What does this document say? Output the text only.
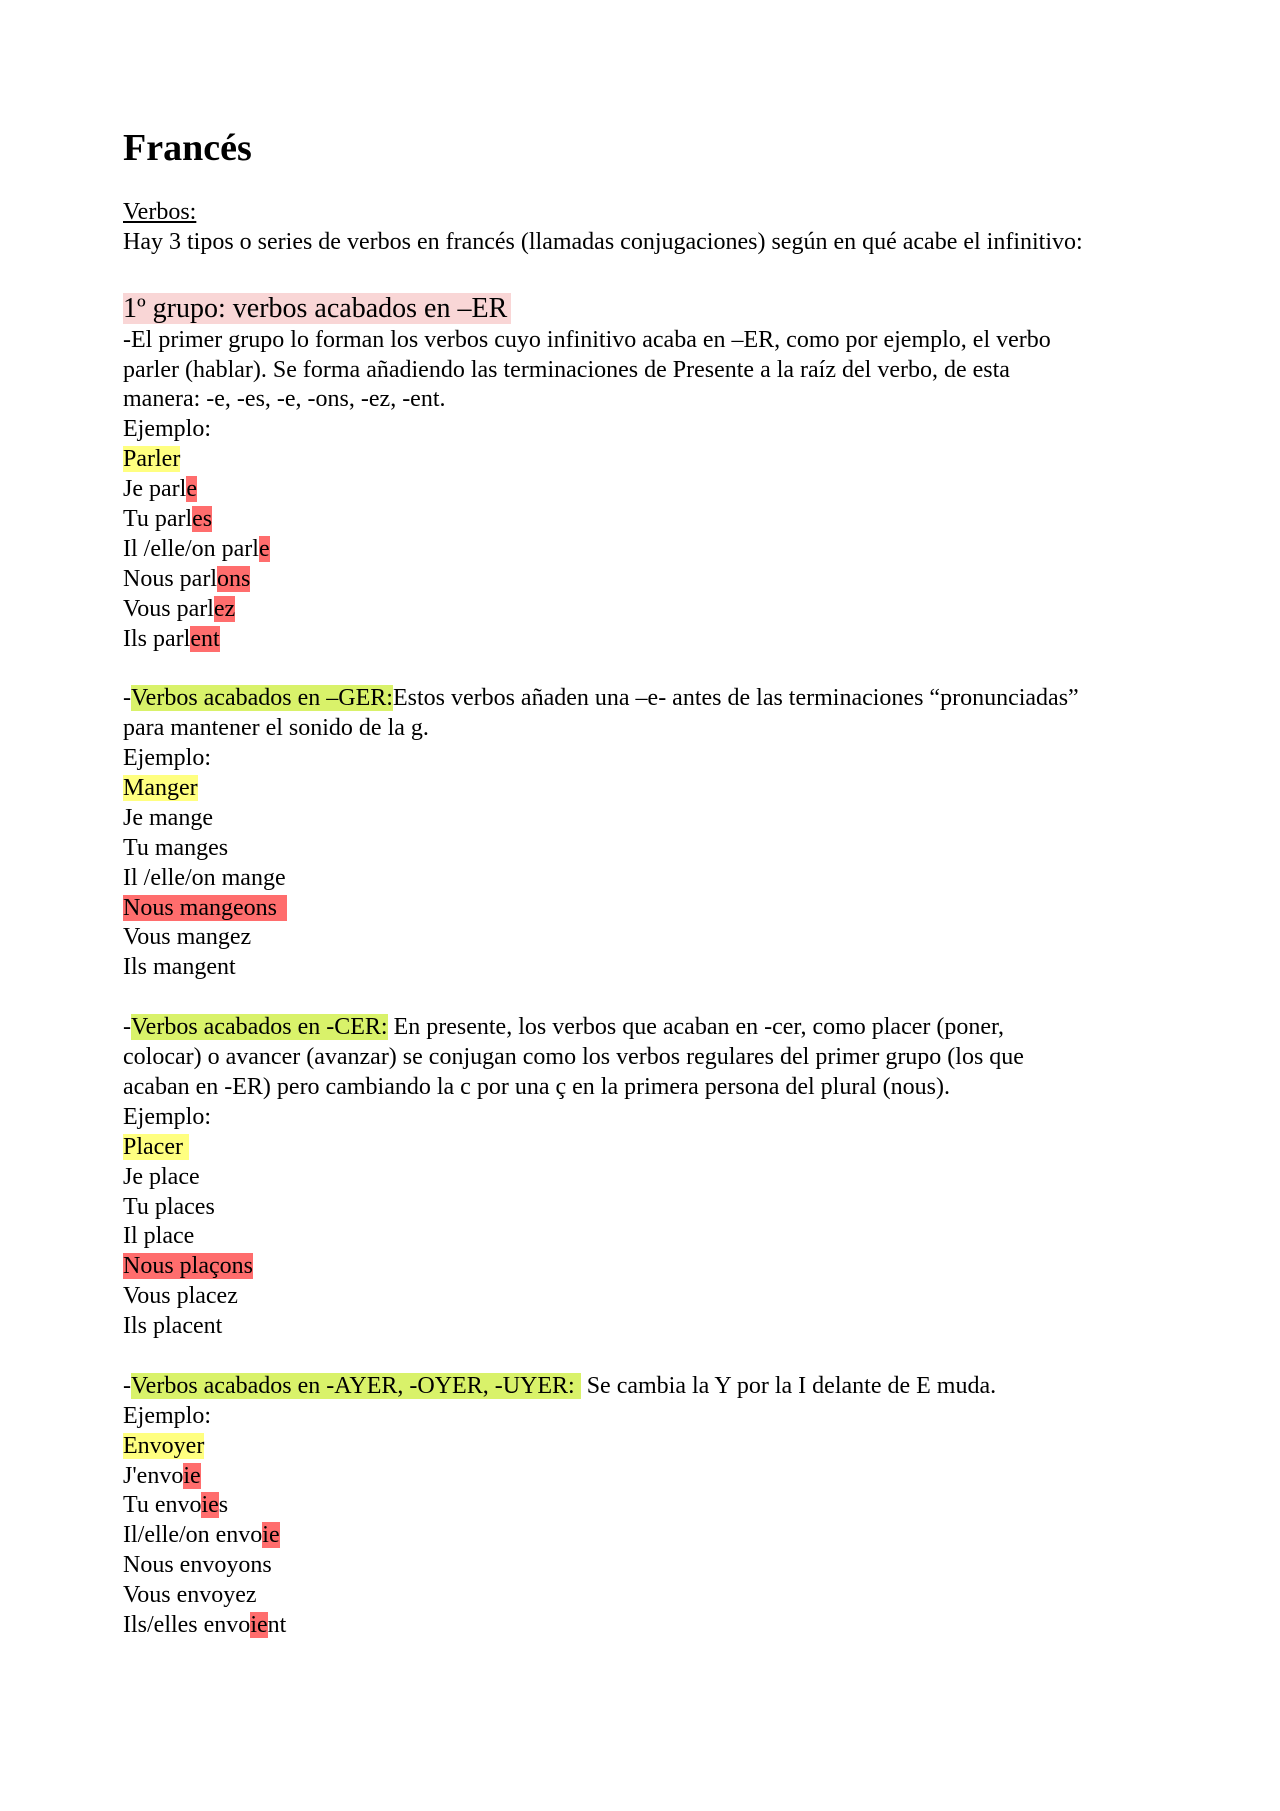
Francés
Verbos:
Hay 3 tipos o series de verbos en francés (llamadas conjugaciones) según en qué acabe el infinitivo:
1º grupo: verbos acabados en –ER
-El primer grupo lo forman los verbos cuyo infinitivo acaba en –ER, como por ejemplo, el verbo
parler (hablar). Se forma añadiendo las terminaciones de Presente a la raíz del verbo, de esta
manera: -e, -es, -e, -ons, -ez, -ent.
Ejemplo:
Parler
Je parle
Tu parles
Il /elle/on parle
Nous parlons
Vous parlez
Ils parlent
-Verbos acabados en –GER:Estos verbos añaden una –e- antes de las terminaciones “pronunciadas”
para mantener el sonido de la g.
Ejemplo:
Manger
Je mange
Tu manges
Il /elle/on mange
Nous mangeons
Vous mangez
Ils mangent
-Verbos acabados en -CER: En presente, los verbos que acaban en -cer, como placer (poner,
colocar) o avancer (avanzar) se conjugan como los verbos regulares del primer grupo (los que
acaban en -ER) pero cambiando la c por una ç en la primera persona del plural (nous).
Ejemplo:
Placer
Je place
Tu places
Il place
Nous plaçons
Vous placez
Ils placent
-Verbos acabados en -AYER, -OYER, -UYER: Se cambia la Y por la I delante de E muda.
Ejemplo:
Envoyer
J'envoie
Tu envoies
Il/elle/on envoie
Nous envoyons
Vous envoyez
Ils/elles envoient
